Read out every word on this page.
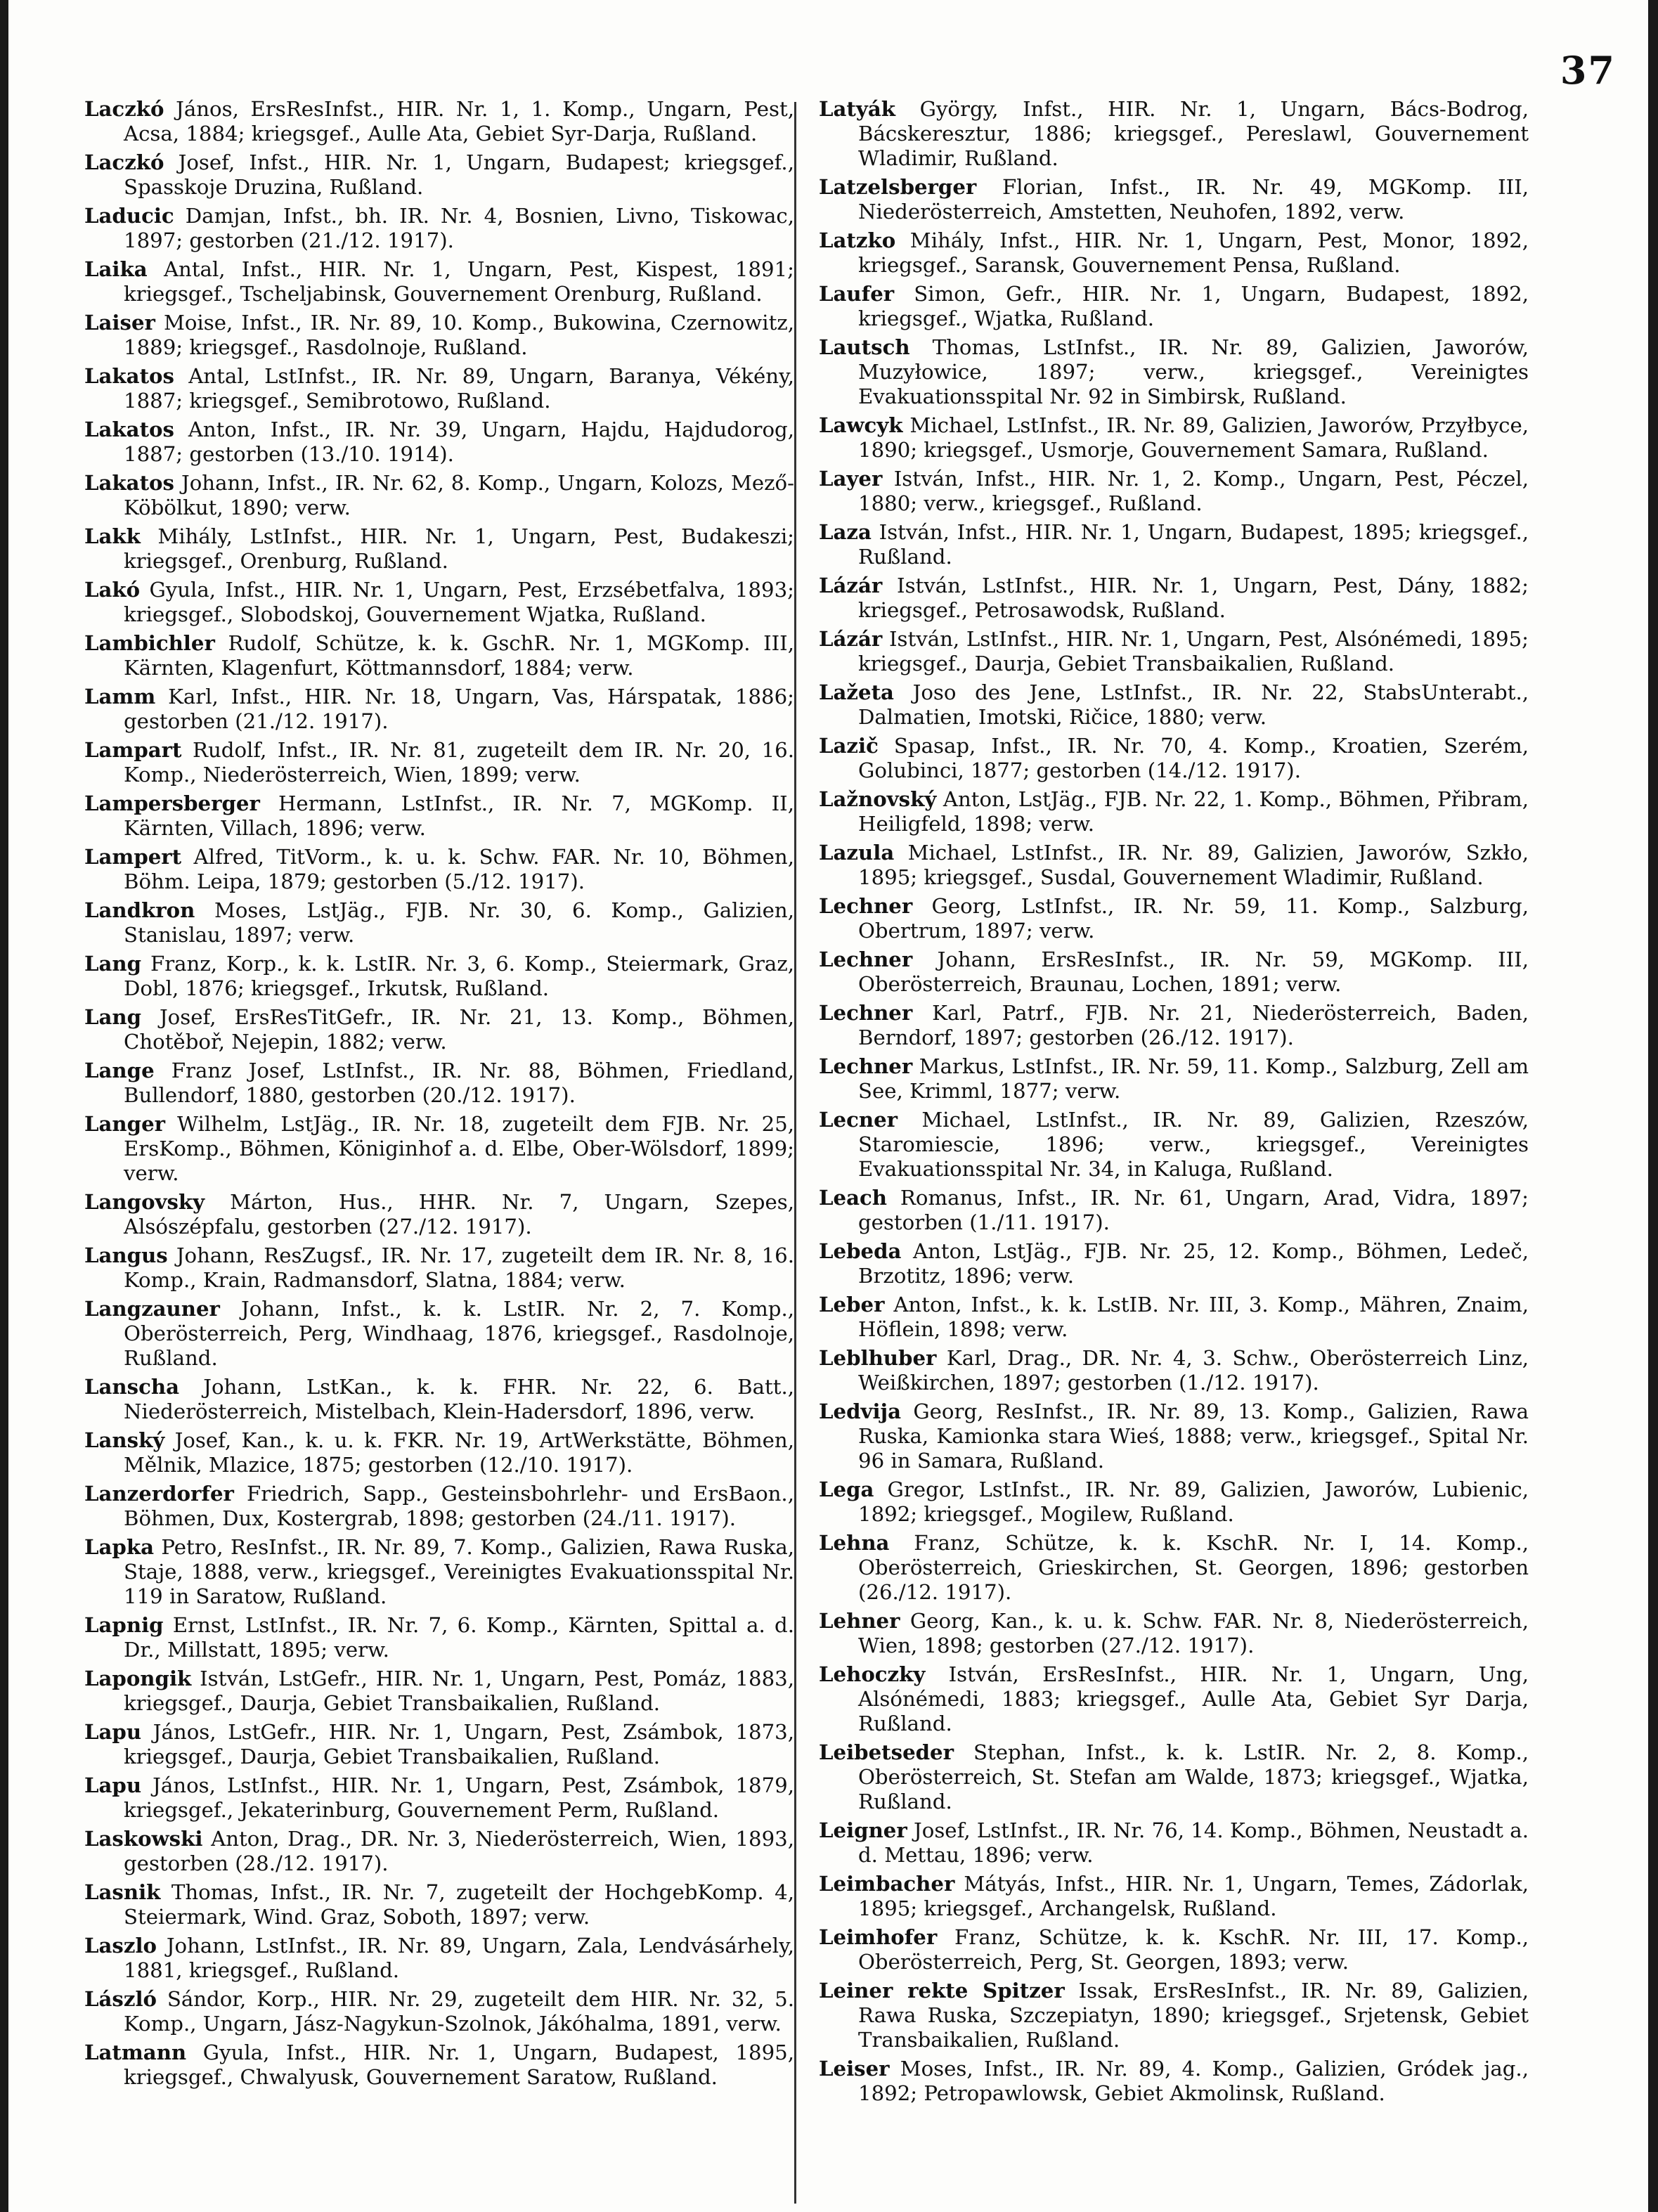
37
Laczkó János, ErsResInfst., HIR. Nr. 1, 1. Komp., Ungarn, Pest, Acsa, 1884; kriegsgef., Aulle Ata, Gebiet Syr-Darja, Rußland.
Laczkó Josef, Infst., HIR. Nr. 1, Ungarn, Budapest; kriegsgef., Spasskoje Druzina, Rußland.
Laducic Damjan, Infst., bh. IR. Nr. 4, Bosnien, Livno, Tiskowac, 1897; gestorben (21./12. 1917).
Laika Antal, Infst., HIR. Nr. 1, Ungarn, Pest, Kispest, 1891; kriegsgef., Tscheljabinsk, Gouvernement Orenburg, Rußland.
Laiser Moise, Infst., IR. Nr. 89, 10. Komp., Bukowina, Czernowitz, 1889; kriegsgef., Rasdolnoje, Rußland.
Lakatos Antal, LstInfst., IR. Nr. 89, Ungarn, Baranya, Vékény, 1887; kriegsgef., Semibrotowo, Rußland.
Lakatos Anton, Infst., IR. Nr. 39, Ungarn, Hajdu, Hajdudorog, 1887; gestorben (13./10. 1914).
Lakatos Johann, Infst., IR. Nr. 62, 8. Komp., Ungarn, Kolozs, Mező-Köbölkut, 1890; verw.
Lakk Mihály, LstInfst., HIR. Nr. 1, Ungarn, Pest, Budakeszi; kriegsgef., Orenburg, Rußland.
Lakó Gyula, Infst., HIR. Nr. 1, Ungarn, Pest, Erzsébetfalva, 1893; kriegsgef., Slobodskoj, Gouvernement Wjatka, Rußland.
Lambichler Rudolf, Schütze, k. k. GschR. Nr. 1, MGKomp. III, Kärnten, Klagenfurt, Köttmannsdorf, 1884; verw.
Lamm Karl, Infst., HIR. Nr. 18, Ungarn, Vas, Hárspatak, 1886; gestorben (21./12. 1917).
Lampart Rudolf, Infst., IR. Nr. 81, zugeteilt dem IR. Nr. 20, 16. Komp., Niederösterreich, Wien, 1899; verw.
Lampersberger Hermann, LstInfst., IR. Nr. 7, MGKomp. II, Kärnten, Villach, 1896; verw.
Lampert Alfred, TitVorm., k. u. k. Schw. FAR. Nr. 10, Böhmen, Böhm. Leipa, 1879; gestorben (5./12. 1917).
Landkron Moses, LstJäg., FJB. Nr. 30, 6. Komp., Galizien, Stanislau, 1897; verw.
Lang Franz, Korp., k. k. LstIR. Nr. 3, 6. Komp., Steiermark, Graz, Dobl, 1876; kriegsgef., Irkutsk, Rußland.
Lang Josef, ErsResTitGefr., IR. Nr. 21, 13. Komp., Böhmen, Chotěboř, Nejepin, 1882; verw.
Lange Franz Josef, LstInfst., IR. Nr. 88, Böhmen, Friedland, Bullendorf, 1880, gestorben (20./12. 1917).
Langer Wilhelm, LstJäg., IR. Nr. 18, zugeteilt dem FJB. Nr. 25, ErsKomp., Böhmen, Königinhof a. d. Elbe, Ober-Wölsdorf, 1899; verw.
Langovsky Márton, Hus., HHR. Nr. 7, Ungarn, Szepes, Alsószépfalu, gestorben (27./12. 1917).
Langus Johann, ResZugsf., IR. Nr. 17, zugeteilt dem IR. Nr. 8, 16. Komp., Krain, Radmansdorf, Slatna, 1884; verw.
Langzauner Johann, Infst., k. k. LstIR. Nr. 2, 7. Komp., Oberösterreich, Perg, Windhaag, 1876, kriegsgef., Rasdolnoje, Rußland.
Lanscha Johann, LstKan., k. k. FHR. Nr. 22, 6. Batt., Niederösterreich, Mistelbach, Klein-Hadersdorf, 1896, verw.
Lanský Josef, Kan., k. u. k. FKR. Nr. 19, ArtWerkstätte, Böhmen, Mělnik, Mlazice, 1875; gestorben (12./10. 1917).
Lanzerdorfer Friedrich, Sapp., Gesteinsbohrlehr- und ErsBaon., Böhmen, Dux, Kostergrab, 1898; gestorben (24./11. 1917).
Lapka Petro, ResInfst., IR. Nr. 89, 7. Komp., Galizien, Rawa Ruska, Staje, 1888, verw., kriegsgef., Vereinigtes Evakuationsspital Nr. 119 in Saratow, Rußland.
Lapnig Ernst, LstInfst., IR. Nr. 7, 6. Komp., Kärnten, Spittal a. d. Dr., Millstatt, 1895; verw.
Lapongik István, LstGefr., HIR. Nr. 1, Ungarn, Pest, Pomáz, 1883, kriegsgef., Daurja, Gebiet Transbaikalien, Rußland.
Lapu János, LstGefr., HIR. Nr. 1, Ungarn, Pest, Zsámbok, 1873, kriegsgef., Daurja, Gebiet Transbaikalien, Rußland.
Lapu János, LstInfst., HIR. Nr. 1, Ungarn, Pest, Zsámbok, 1879, kriegsgef., Jekaterinburg, Gouvernement Perm, Rußland.
Laskowski Anton, Drag., DR. Nr. 3, Niederösterreich, Wien, 1893, gestorben (28./12. 1917).
Lasnik Thomas, Infst., IR. Nr. 7, zugeteilt der HochgebKomp. 4, Steiermark, Wind. Graz, Soboth, 1897; verw.
Laszlo Johann, LstInfst., IR. Nr. 89, Ungarn, Zala, Lendvásárhely, 1881, kriegsgef., Rußland.
László Sándor, Korp., HIR. Nr. 29, zugeteilt dem HIR. Nr. 32, 5. Komp., Ungarn, Jász-Nagykun-Szolnok, Jákóhalma, 1891, verw.
Latmann Gyula, Infst., HIR. Nr. 1, Ungarn, Budapest, 1895, kriegsgef., Chwalyusk, Gouvernement Saratow, Rußland.
Latyák György, Infst., HIR. Nr. 1, Ungarn, Bács-Bodrog, Bácskeresztur, 1886; kriegsgef., Pereslawl, Gouvernement Wladimir, Rußland.
Latzelsberger Florian, Infst., IR. Nr. 49, MGKomp. III, Niederösterreich, Amstetten, Neuhofen, 1892, verw.
Latzko Mihály, Infst., HIR. Nr. 1, Ungarn, Pest, Monor, 1892, kriegsgef., Saransk, Gouvernement Pensa, Rußland.
Laufer Simon, Gefr., HIR. Nr. 1, Ungarn, Budapest, 1892, kriegsgef., Wjatka, Rußland.
Lautsch Thomas, LstInfst., IR. Nr. 89, Galizien, Jaworów, Muzyłowice, 1897; verw., kriegsgef., Vereinigtes Evakuationsspital Nr. 92 in Simbirsk, Rußland.
Lawcyk Michael, LstInfst., IR. Nr. 89, Galizien, Jaworów, Przyłbyce, 1890; kriegsgef., Usmorje, Gouvernement Samara, Rußland.
Layer István, Infst., HIR. Nr. 1, 2. Komp., Ungarn, Pest, Péczel, 1880; verw., kriegsgef., Rußland.
Laza István, Infst., HIR. Nr. 1, Ungarn, Budapest, 1895; kriegsgef., Rußland.
Lázár István, LstInfst., HIR. Nr. 1, Ungarn, Pest, Dány, 1882; kriegsgef., Petrosawodsk, Rußland.
Lázár István, LstInfst., HIR. Nr. 1, Ungarn, Pest, Alsónémedi, 1895; kriegsgef., Daurja, Gebiet Transbaikalien, Rußland.
Lažeta Joso des Jene, LstInfst., IR. Nr. 22, StabsUnterabt., Dalmatien, Imotski, Ričice, 1880; verw.
Lazič Spasap, Infst., IR. Nr. 70, 4. Komp., Kroatien, Szerém, Golubinci, 1877; gestorben (14./12. 1917).
Lažnovský Anton, LstJäg., FJB. Nr. 22, 1. Komp., Böhmen, Přibram, Heiligfeld, 1898; verw.
Lazula Michael, LstInfst., IR. Nr. 89, Galizien, Jaworów, Szkło, 1895; kriegsgef., Susdal, Gouvernement Wladimir, Rußland.
Lechner Georg, LstInfst., IR. Nr. 59, 11. Komp., Salzburg, Obertrum, 1897; verw.
Lechner Johann, ErsResInfst., IR. Nr. 59, MGKomp. III, Oberösterreich, Braunau, Lochen, 1891; verw.
Lechner Karl, Patrf., FJB. Nr. 21, Niederösterreich, Baden, Berndorf, 1897; gestorben (26./12. 1917).
Lechner Markus, LstInfst., IR. Nr. 59, 11. Komp., Salzburg, Zell am See, Krimml, 1877; verw.
Lecner Michael, LstInfst., IR. Nr. 89, Galizien, Rzeszów, Staromiescie, 1896; verw., kriegsgef., Vereinigtes Evakuationsspital Nr. 34, in Kaluga, Rußland.
Leach Romanus, Infst., IR. Nr. 61, Ungarn, Arad, Vidra, 1897; gestorben (1./11. 1917).
Lebeda Anton, LstJäg., FJB. Nr. 25, 12. Komp., Böhmen, Ledeč, Brzotitz, 1896; verw.
Leber Anton, Infst., k. k. LstIB. Nr. III, 3. Komp., Mähren, Znaim, Höflein, 1898; verw.
Leblhuber Karl, Drag., DR. Nr. 4, 3. Schw., Oberösterreich Linz, Weißkirchen, 1897; gestorben (1./12. 1917).
Ledvija Georg, ResInfst., IR. Nr. 89, 13. Komp., Galizien, Rawa Ruska, Kamionka stara Wieś, 1888; verw., kriegsgef., Spital Nr. 96 in Samara, Rußland.
Lega Gregor, LstInfst., IR. Nr. 89, Galizien, Jaworów, Lubienic, 1892; kriegsgef., Mogilew, Rußland.
Lehna Franz, Schütze, k. k. KschR. Nr. I, 14. Komp., Oberösterreich, Grieskirchen, St. Georgen, 1896; gestorben (26./12. 1917).
Lehner Georg, Kan., k. u. k. Schw. FAR. Nr. 8, Niederösterreich, Wien, 1898; gestorben (27./12. 1917).
Lehoczky István, ErsResInfst., HIR. Nr. 1, Ungarn, Ung, Alsónémedi, 1883; kriegsgef., Aulle Ata, Gebiet Syr Darja, Rußland.
Leibetseder Stephan, Infst., k. k. LstIR. Nr. 2, 8. Komp., Oberösterreich, St. Stefan am Walde, 1873; kriegsgef., Wjatka, Rußland.
Leigner Josef, LstInfst., IR. Nr. 76, 14. Komp., Böhmen, Neustadt a. d. Mettau, 1896; verw.
Leimbacher Mátyás, Infst., HIR. Nr. 1, Ungarn, Temes, Zádorlak, 1895; kriegsgef., Archangelsk, Rußland.
Leimhofer Franz, Schütze, k. k. KschR. Nr. III, 17. Komp., Oberösterreich, Perg, St. Georgen, 1893; verw.
Leiner rekte Spitzer Issak, ErsResInfst., IR. Nr. 89, Galizien, Rawa Ruska, Szczepiatyn, 1890; kriegsgef., Srjetensk, Gebiet Transbaikalien, Rußland.
Leiser Moses, Infst., IR. Nr. 89, 4. Komp., Galizien, Gródek jag., 1892; Petropawlowsk, Gebiet Akmolinsk, Rußland.
